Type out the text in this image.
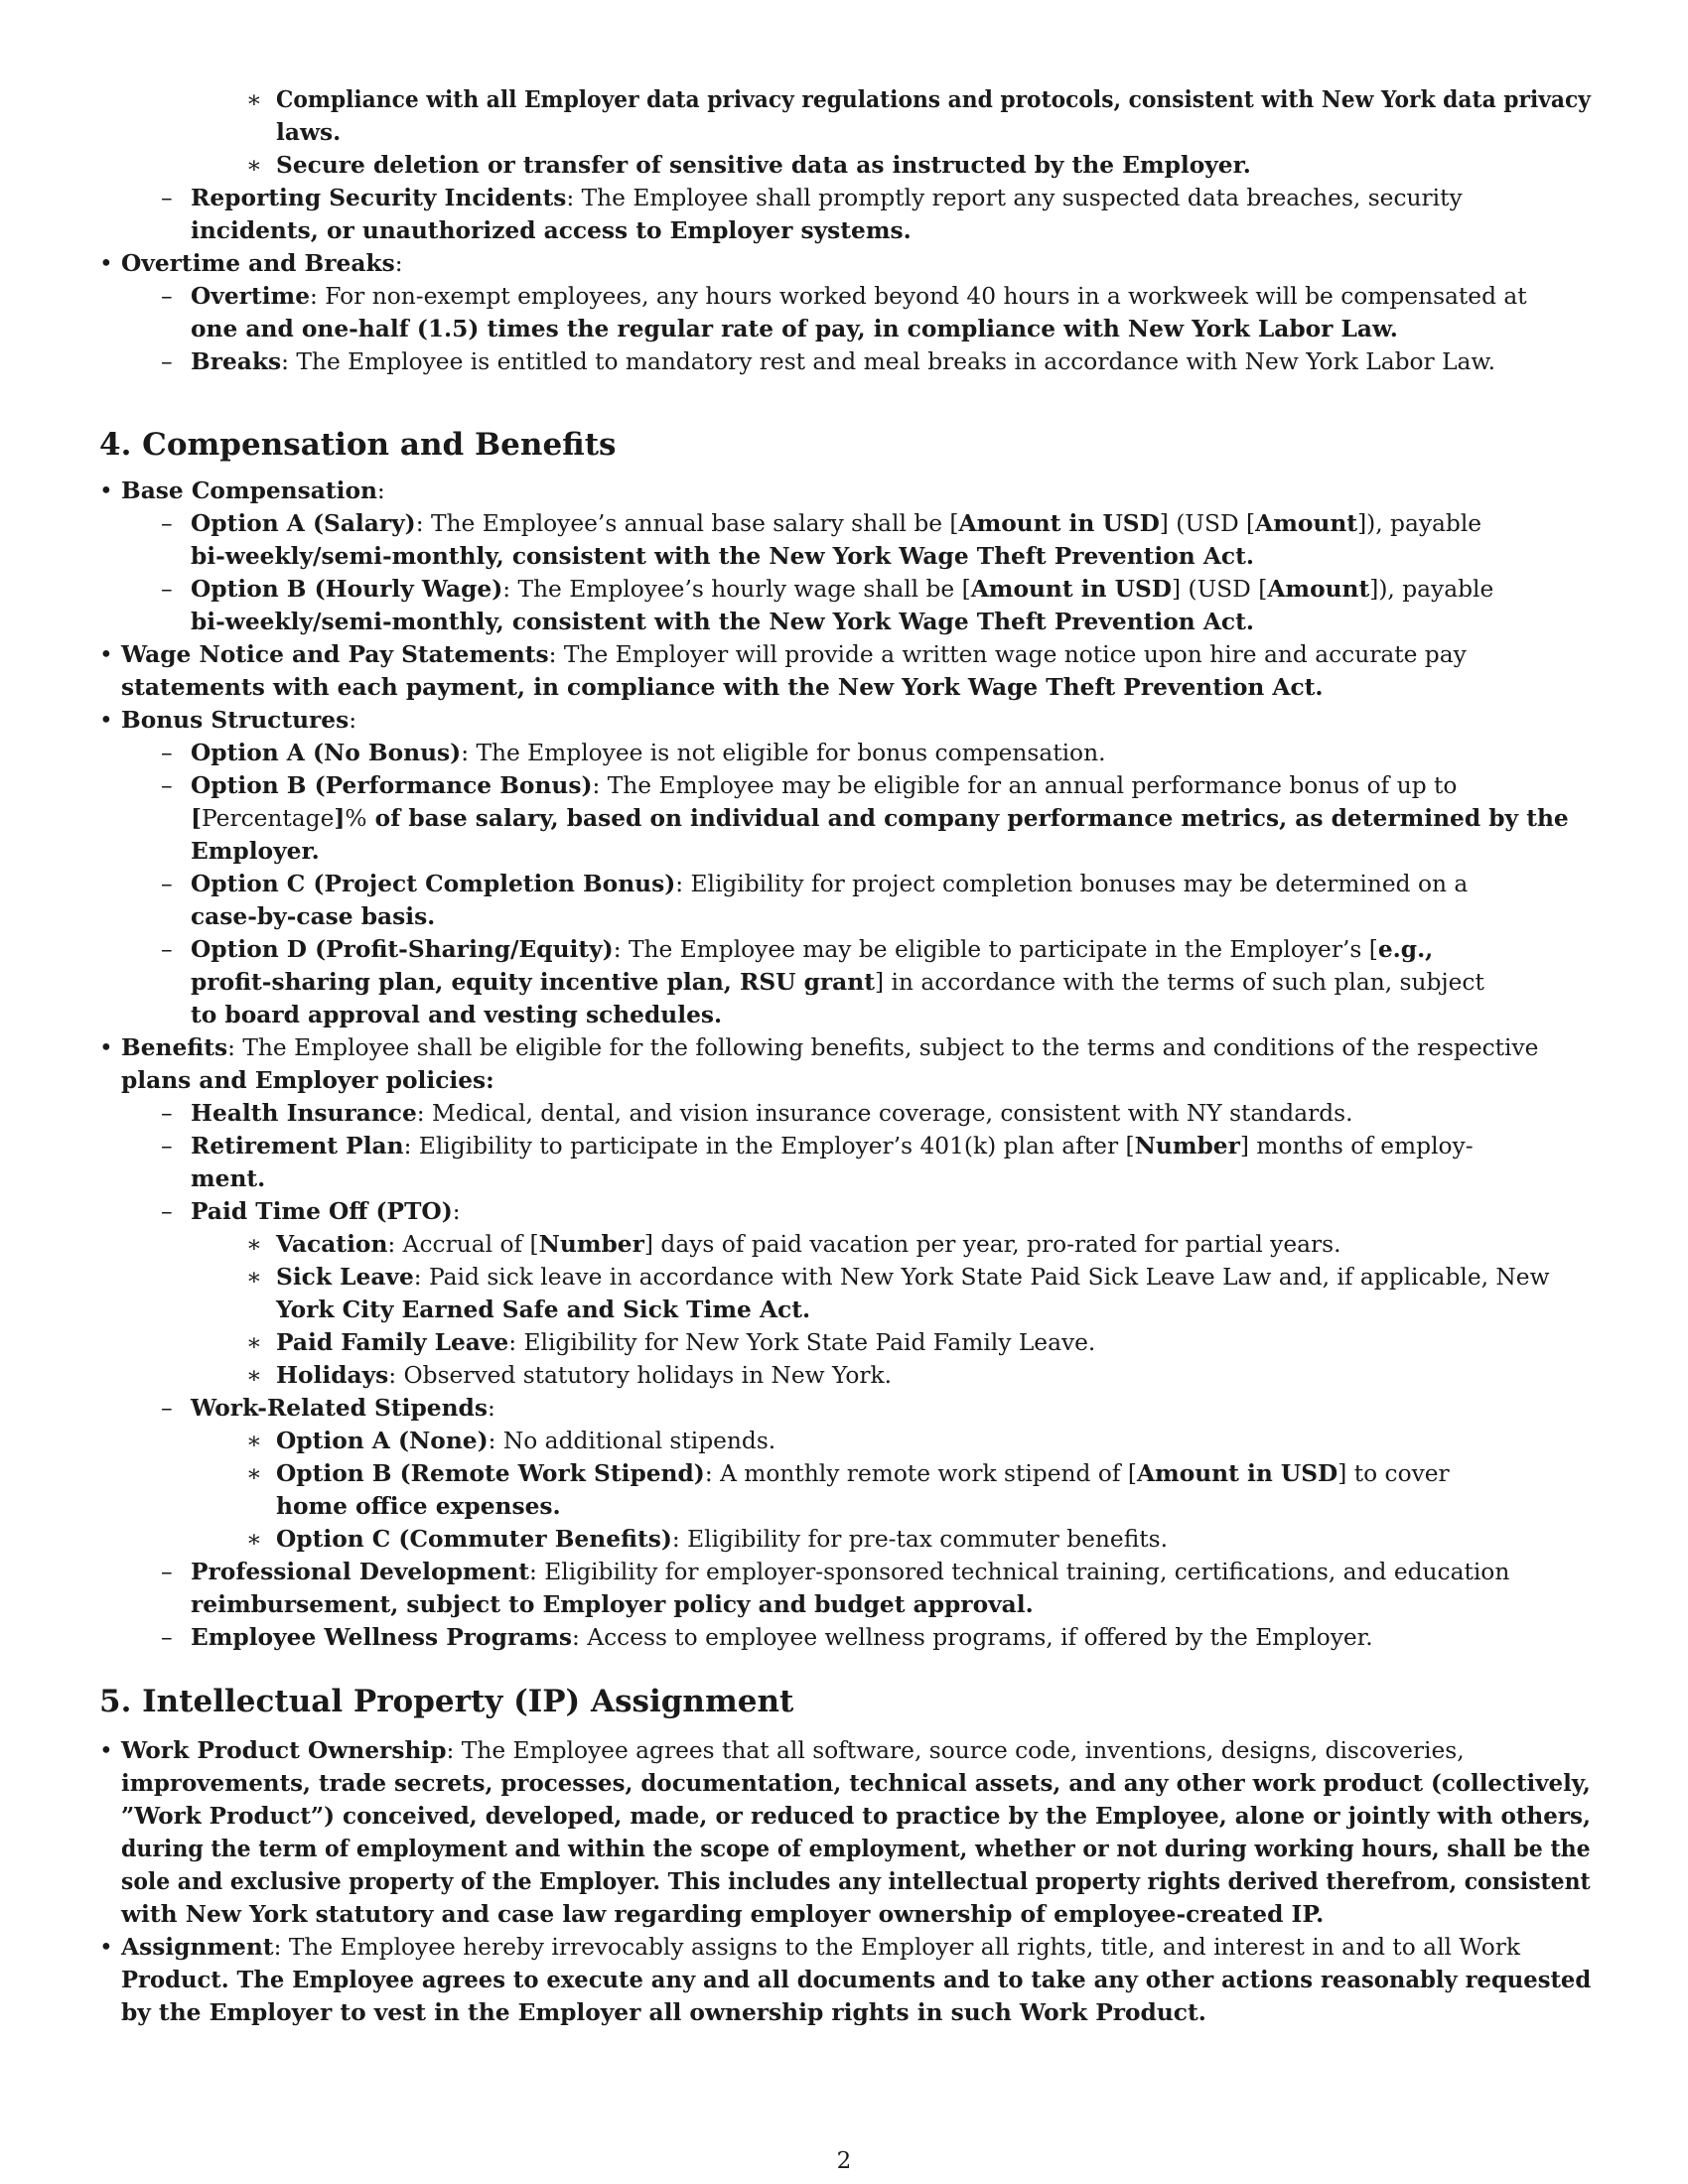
∗ Compliance with all Employer data privacy regulations and protocols, consistent with New York data privacy
laws.
∗ Secure deletion or transfer of sensitive data as instructed by the Employer.
– Reporting Security Incidents: The Employee shall promptly report any suspected data breaches, security
incidents, or unauthorized access to Employer systems.
• Overtime and Breaks:
– Overtime: For non-exempt employees, any hours worked beyond 40 hours in a workweek will be compensated at
one and one-half (1.5) times the regular rate of pay, in compliance with New York Labor Law.
– Breaks: The Employee is entitled to mandatory rest and meal breaks in accordance with New York Labor Law.
4. Compensation and Benefits
• Base Compensation:
– Option A (Salary): The Employee’s annual base salary shall be [Amount in USD] (USD [Amount]), payable
bi-weekly/semi-monthly, consistent with the New York Wage Theft Prevention Act.
– Option B (Hourly Wage): The Employee’s hourly wage shall be [Amount in USD] (USD [Amount]), payable
bi-weekly/semi-monthly, consistent with the New York Wage Theft Prevention Act.
• Wage Notice and Pay Statements: The Employer will provide a written wage notice upon hire and accurate pay
statements with each payment, in compliance with the New York Wage Theft Prevention Act.
• Bonus Structures:
– Option A (No Bonus): The Employee is not eligible for bonus compensation.
– Option B (Performance Bonus): The Employee may be eligible for an annual performance bonus of up to
[Percentage]% of base salary, based on individual and company performance metrics, as determined by the
Employer.
– Option C (Project Completion Bonus): Eligibility for project completion bonuses may be determined on a
case-by-case basis.
– Option D (Profit-Sharing/Equity): The Employee may be eligible to participate in the Employer’s [e.g.,
profit-sharing plan, equity incentive plan, RSU grant] in accordance with the terms of such plan, subject
to board approval and vesting schedules.
• Benefits: The Employee shall be eligible for the following benefits, subject to the terms and conditions of the respective
plans and Employer policies:
– Health Insurance: Medical, dental, and vision insurance coverage, consistent with NY standards.
– Retirement Plan: Eligibility to participate in the Employer’s 401(k) plan after [Number] months of employ-
ment.
– Paid Time Off (PTO):
∗ Vacation: Accrual of [Number] days of paid vacation per year, pro-rated for partial years.
∗ Sick Leave: Paid sick leave in accordance with New York State Paid Sick Leave Law and, if applicable, New
York City Earned Safe and Sick Time Act.
∗ Paid Family Leave: Eligibility for New York State Paid Family Leave.
∗ Holidays: Observed statutory holidays in New York.
– Work-Related Stipends:
∗ Option A (None): No additional stipends.
∗ Option B (Remote Work Stipend): A monthly remote work stipend of [Amount in USD] to cover
home office expenses.
∗ Option C (Commuter Benefits): Eligibility for pre-tax commuter benefits.
– Professional Development: Eligibility for employer-sponsored technical training, certifications, and education
reimbursement, subject to Employer policy and budget approval.
– Employee Wellness Programs: Access to employee wellness programs, if offered by the Employer.
5. Intellectual Property (IP) Assignment
• Work Product Ownership: The Employee agrees that all software, source code, inventions, designs, discoveries,
improvements, trade secrets, processes, documentation, technical assets, and any other work product (collectively,
”Work Product”) conceived, developed, made, or reduced to practice by the Employee, alone or jointly with others,
during the term of employment and within the scope of employment, whether or not during working hours, shall be the
sole and exclusive property of the Employer. This includes any intellectual property rights derived therefrom, consistent
with New York statutory and case law regarding employer ownership of employee-created IP.
• Assignment: The Employee hereby irrevocably assigns to the Employer all rights, title, and interest in and to all Work
Product. The Employee agrees to execute any and all documents and to take any other actions reasonably requested
by the Employer to vest in the Employer all ownership rights in such Work Product.
2
